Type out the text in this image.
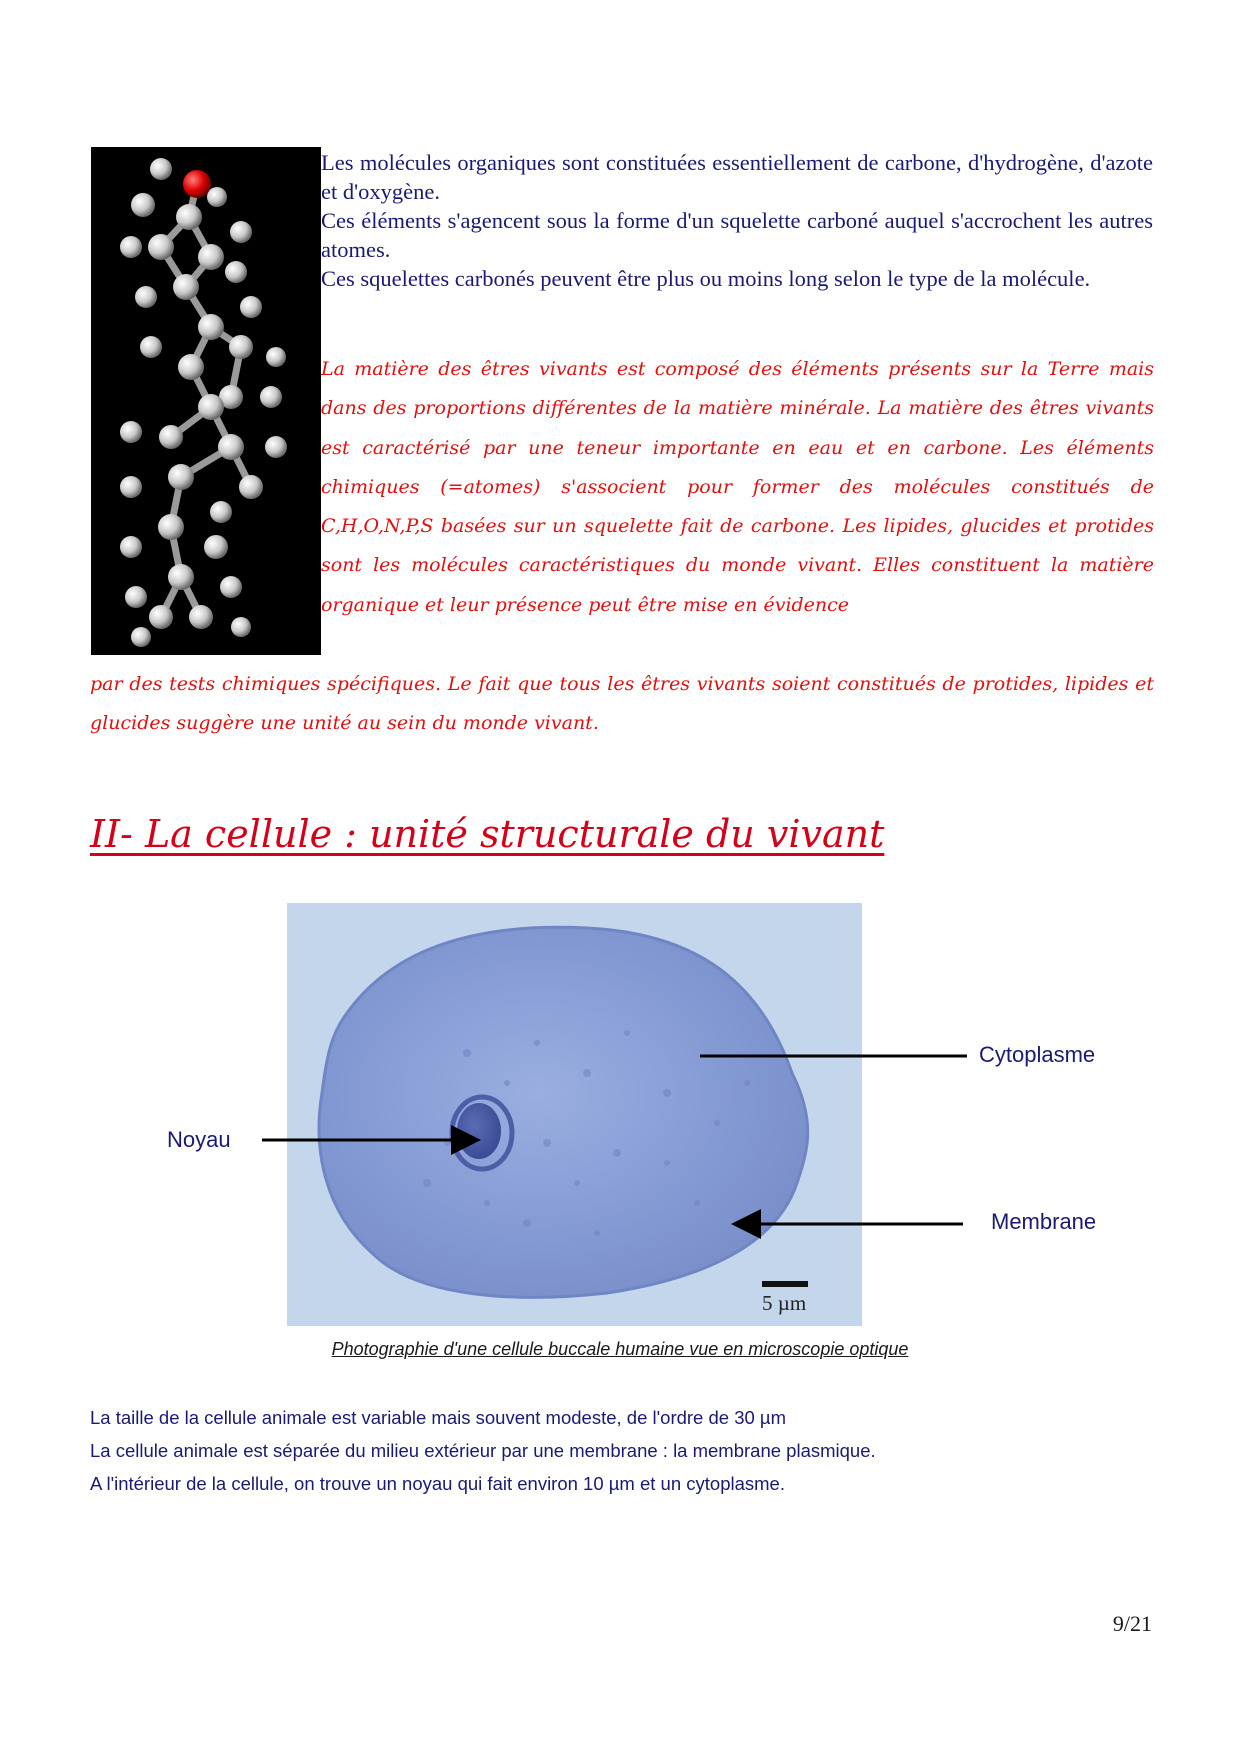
Les molécules organiques sont constituées essentiellement de carbone, d'hydrogène, d'azote et d'oxygène.

Ces éléments s'agencent sous la forme d'un squelette carboné auquel s'accrochent les autres atomes.

Ces squelettes carbonés peuvent être plus ou moins long selon le type de la molécule.

La matière des êtres vivants est composé des éléments présents sur la Terre mais dans des proportions différentes de la matière minérale. La matière des êtres vivants est caractérisé par une teneur importante en eau et en carbone. Les éléments chimiques (=atomes) s'associent pour former des molécules constitués de C,H,O,N,P,S basées sur un squelette fait de carbone. Les lipides, glucides et protides sont les molécules caractéristiques du monde vivant. Elles constituent la matière organique et leur présence peut être mise en évidence

par des tests chimiques spécifiques. Le fait que tous les êtres vivants soient constitués de protides, lipides et glucides suggère une unité au sein du monde vivant.

II- La cellule : unité structurale du vivant
5 µm
Cytoplasme
Noyau
Membrane
Photographie d'une cellule buccale humaine vue en microscopie optique

La taille de la cellule animale est variable mais souvent modeste, de l'ordre de 30 µm

La cellule animale est séparée du milieu extérieur par une membrane : la membrane plasmique.

A l'intérieur de la cellule, on trouve un noyau qui fait environ 10 µm et un cytoplasme.

9/21
